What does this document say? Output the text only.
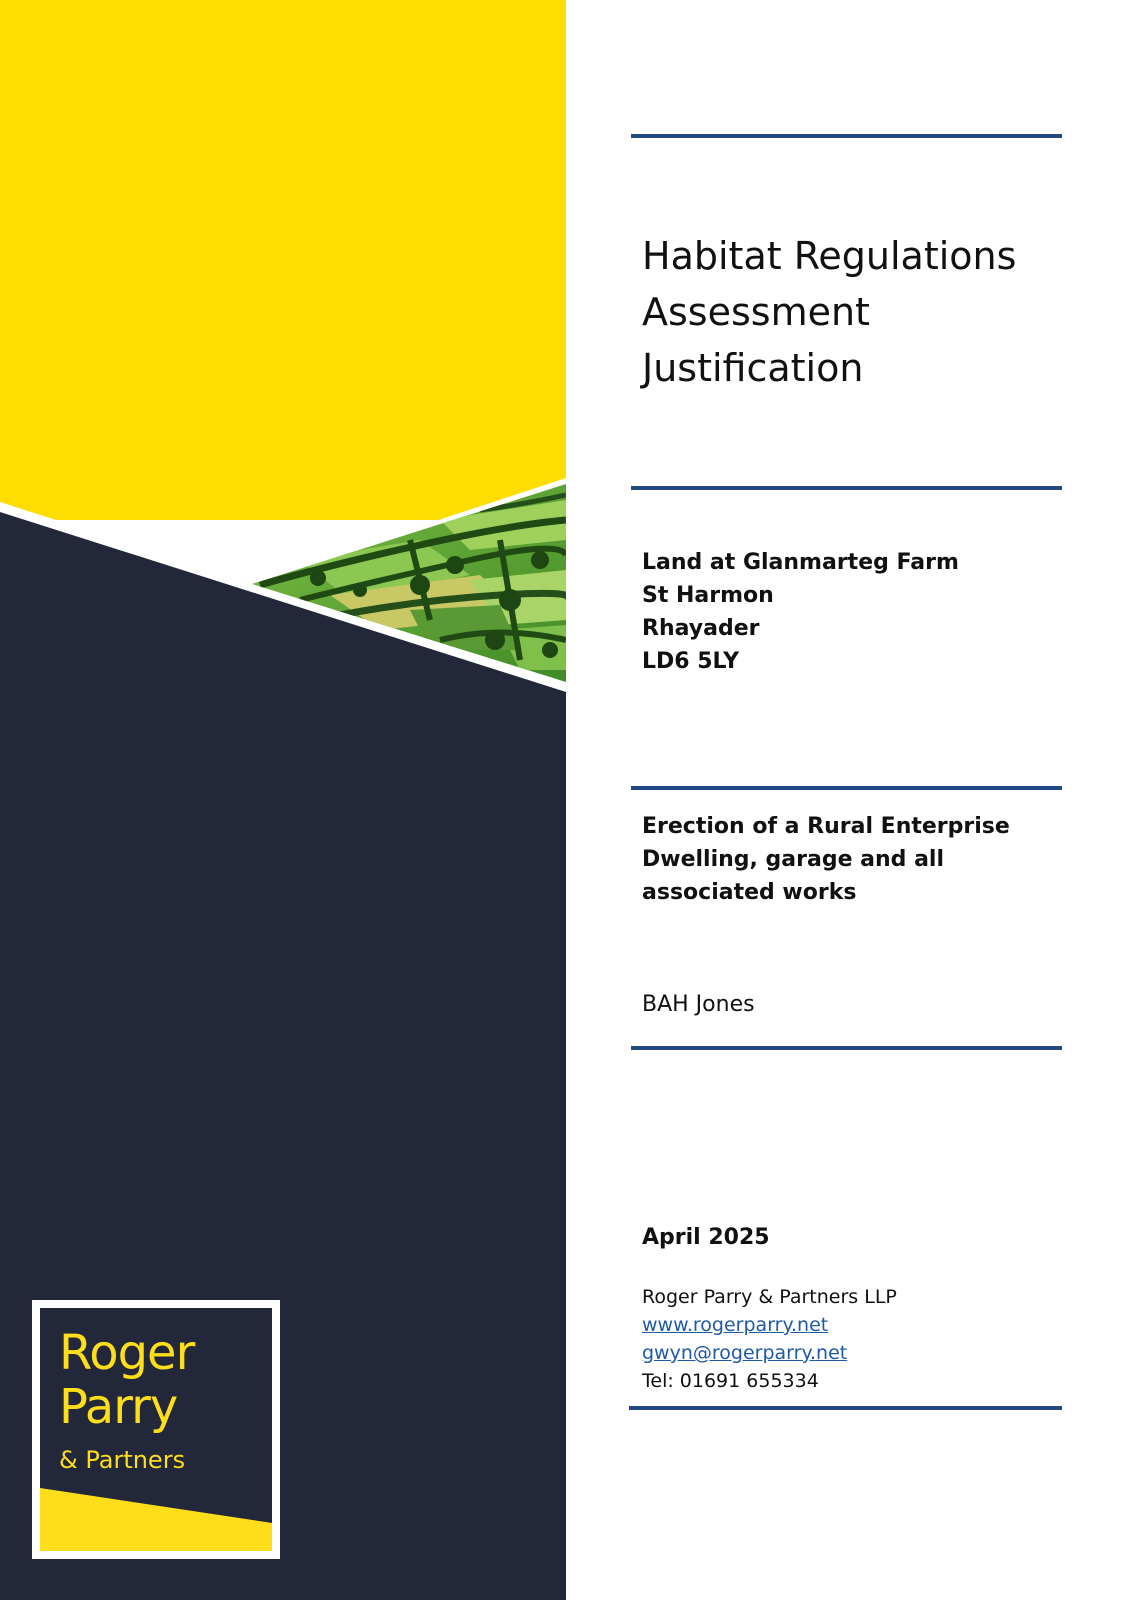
Roger
Parry
& Partners
Habitat Regulations
Assessment
Justification
Land at Glanmarteg Farm
St Harmon
Rhayader
LD6 5LY
Erection of a Rural Enterprise
Dwelling, garage and all
associated works
BAH Jones
April 2025
Roger Parry & Partners LLP
www.rogerparry.net
gwyn@rogerparry.net
Tel: 01691 655334
